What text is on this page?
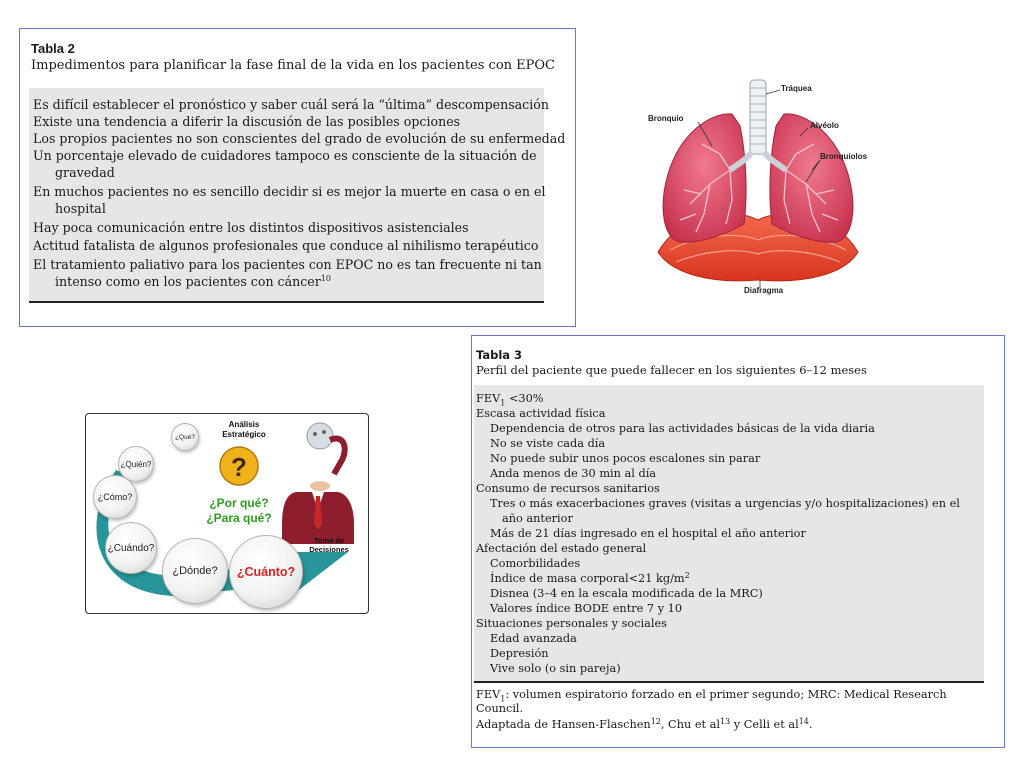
Tabla 2
Impedimentos para planificar la fase final de la vida en los pacientes con EPOC
Es difícil establecer el pronóstico y saber cuál será la “última” descompensación
Existe una tendencia a diferir la discusión de las posibles opciones
Los propios pacientes no son conscientes del grado de evolución de su enfermedad
Un porcentaje elevado de cuidadores tampoco es consciente de la situación de
gravedad
En muchos pacientes no es sencillo decidir si es mejor la muerte en casa o en el
hospital
Hay poca comunicación entre los distintos dispositivos asistenciales
Actitud fatalista de algunos profesionales que conduce al nihilismo terapéutico
El tratamiento paliativo para los pacientes con EPOC no es tan frecuente ni tan
intenso como en los pacientes con cáncer$^{10}$
Tráquea
Bronquio
Alvéolo
Bronquiolos
Diafragma
?
¿Qué?
¿Quién?
¿Cómo?
¿Cuándo?
¿Dónde?	¿Cuánto?
Análisis
Estratégico
¿Por qué?
¿Para qué?
Toma de
Decisiones
Tabla 3
Perfil del paciente que puede fallecer en los siguientes 6–12 meses
$FEV_1 <30\%$
Escasa actividad física
Dependencia de otros para las actividades básicas de la vida diaria
No se viste cada día
No puede subir unos pocos escalones sin parar
Anda menos de 30 min al día
Consumo de recursos sanitarios
Tres o más exacerbaciones graves (visitas a urgencias y/o hospitalizaciones) en el
año anterior
Más de 21 días ingresado en el hospital el año anterior
Afectación del estado general
Comorbilidades
Índice de masa corporal<21 $kg/m^2$
Disnea (3–4 en la escala modificada de la MRC)
Valores índice BODE entre 7 y 10
Situaciones personales y sociales
Edad avanzada
Depresión
Vive solo (o sin pareja)
$FEV_1$: volumen espiratorio forzado en el primer segundo; MRC: Medical Research
Council.
Adaptada de Hansen-Flaschen$^{12}$, Chu et $al^{13}$ y Celli et $al^{14}$.
